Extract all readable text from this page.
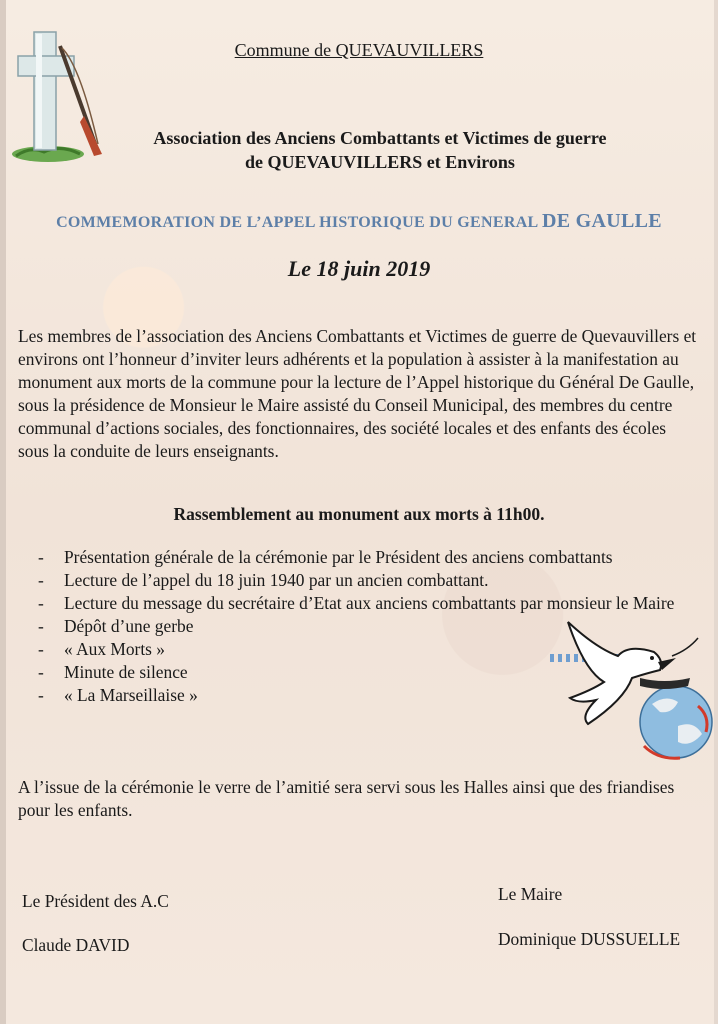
Commune de QUEVAUVILLERS
Association des Anciens Combattants et Victimes de guerre
de QUEVAUVILLERS et Environs
COMMEMORATION DE L’APPEL HISTORIQUE DU GENERAL DE GAULLE
Le 18 juin 2019
Les membres de l’association des Anciens Combattants et Victimes de guerre de Quevauvillers et environs ont l’honneur d’inviter leurs adhérents et la population à assister à la manifestation au monument aux morts de la commune pour la lecture de l’Appel historique du Général De Gaulle, sous la présidence de Monsieur le Maire assisté du Conseil Municipal, des membres du centre communal d’actions sociales, des fonctionnaires, des société locales et des enfants des écoles sous la conduite de leurs enseignants.
Rassemblement au monument aux morts à 11h00.
- Présentation générale de la cérémonie par le Président des anciens combattants
- Lecture de l’appel du 18 juin 1940 par un ancien combattant.
- Lecture du message du secrétaire d’Etat aux anciens combattants par monsieur le Maire
- Dépôt d’une gerbe
- « Aux Morts »
- Minute de silence
- « La Marseillaise »
A l’issue de la cérémonie le verre de l’amitié sera servi sous les Halles ainsi que des friandises pour les enfants.
Le Président des A.C
Claude DAVID
Le Maire
Dominique DUSSUELLE
